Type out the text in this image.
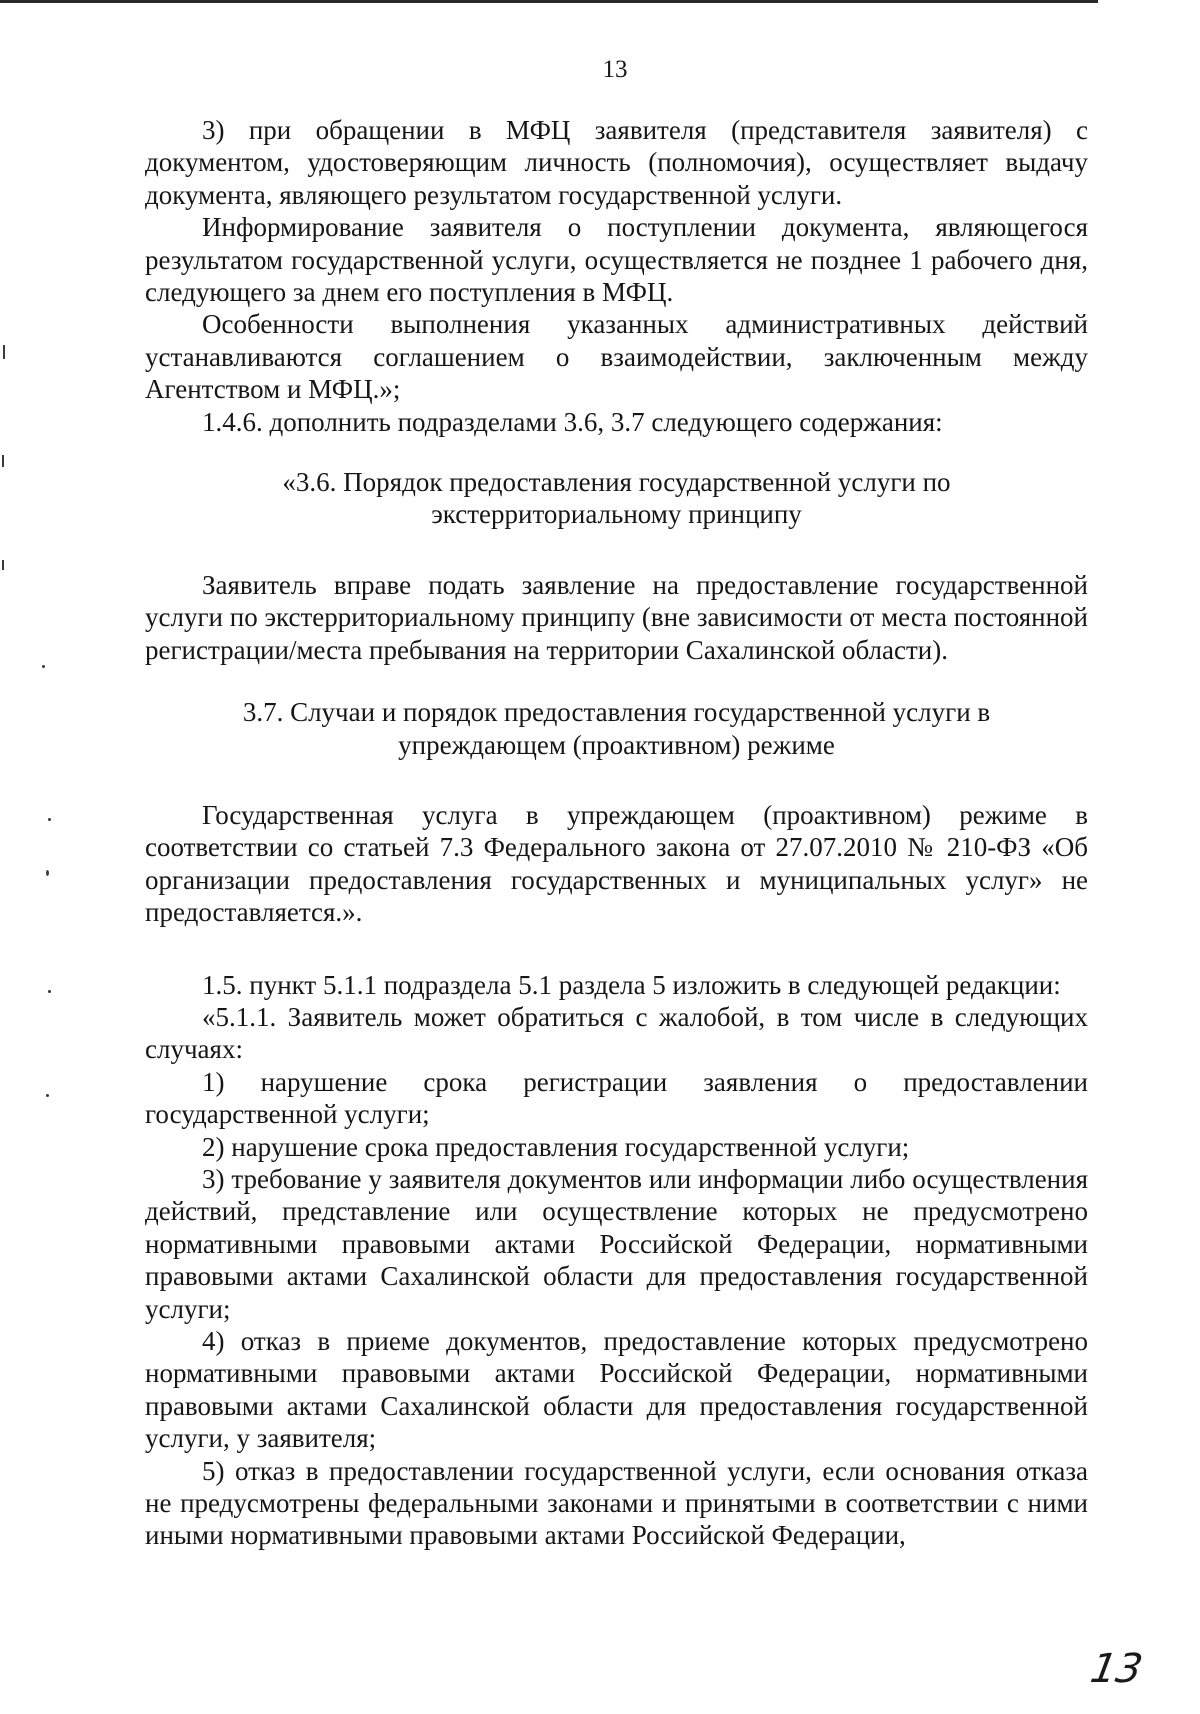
13

3) при обращении в МФЦ заявителя (представителя заявителя) с документом, удостоверяющим личность (полномочия), осуществляет выдачу документа, являющего результатом государственной услуги.

Информирование заявителя о поступлении документа, являющегося результатом государственной услуги, осуществляется не позднее 1 рабочего дня, следующего за днем его поступления в МФЦ.

Особенности выполнения указанных административных действий устанавливаются соглашением о взаимодействии, заключенным между Агентством и МФЦ.»;

1.4.6. дополнить подразделами 3.6, 3.7 следующего содержания:

«3.6. Порядок предоставления государственной услуги по
экстерриториальному принципу

Заявитель вправе подать заявление на предоставление государственной услуги по экстерриториальному принципу (вне зависимости от места постоянной регистрации/места пребывания на территории Сахалинской области).

3.7. Случаи и порядок предоставления государственной услуги в
упреждающем (проактивном) режиме

Государственная услуга в упреждающем (проактивном) режиме в соответствии со статьей 7.3 Федерального закона от 27.07.2010 № 210-ФЗ «Об организации предоставления государственных и муниципальных услуг» не предоставляется.».

1.5. пункт 5.1.1 подраздела 5.1 раздела 5 изложить в следующей редакции:

«5.1.1. Заявитель может обратиться с жалобой, в том числе в следующих случаях:

1) нарушение срока регистрации заявления о предоставлении государственной услуги;

2) нарушение срока предоставления государственной услуги;

3) требование у заявителя документов или информации либо осуществления действий, представление или осуществление которых не предусмотрено нормативными правовыми актами Российской Федерации, нормативными правовыми актами Сахалинской области для предоставления государственной услуги;

4) отказ в приеме документов, предоставление которых предусмотрено нормативными правовыми актами Российской Федерации, нормативными правовыми актами Сахалинской области для предоставления государственной услуги, у заявителя;

5) отказ в предоставлении государственной услуги, если основания отказа не предусмотрены федеральными законами и принятыми в соответствии с ними иными нормативными правовыми актами Российской Федерации,

13
